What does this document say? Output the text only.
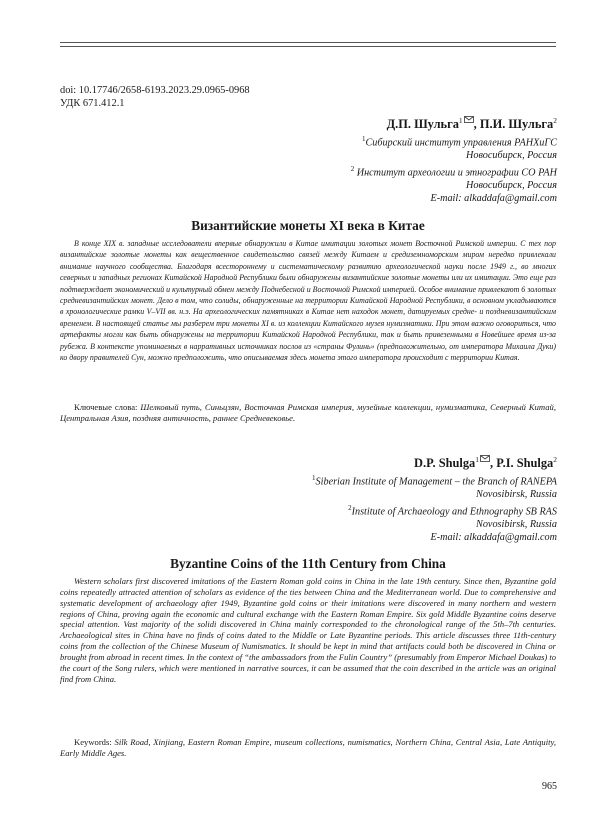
doi: 10.17746/2658-6193.2023.29.0965-0968
УДК 671.412.1
Д.П. Шульга$^1$ , П.И. Шульга$^2$
$^1$Сибирский институт управления РАНХиГС
Новосибирск, Россия
$^2$ Институт археологии и этнографии СО РАН
Новосибирск, Россия
E-mail: alkaddafa@gmail.com
Византийские монеты XI века в Китае

В конце XIX в. западные исследователи впервые обнаружили в Китае имитации золотых монет Восточной Римской империи. С тех пор византийские золотые монеты как вещественное свидетельство связей между Китаем и средиземноморским миром нередко привлекали внимание научного сообщества. Благодаря всестороннему и систематическому развитию археологической науки после 1949 г., во многих северных и западных регионах Китайской Народной Республики были обнаружены византийские золотые монеты или их имитации. Это еще раз подтверждает экономический и культурный обмен между Поднебесной и Восточной Римской империей. Особое внимание привлекают 6 золотых средневизантийских монет. Дело в том, что солиды, обнаруженные на территории Китайской Народной Республики, в основном укладываются в хронологические рамки V–VII вв. н.э. На археологических памятниках в Китае нет находок монет, датируемых средне- и поздневизантийским временем. В настоящей статье мы разберем три монеты XI в. из коллекции Китайского музея нумизматики. При этом важно оговориться, что артефакты могли как быть обнаружены на территории Китайской Народной Республики, так и быть привезенными в Новейшее время из-за рубежа. В контексте упоминаемых в нарративных источниках послов из «страны Фулинь» (предположительно, от императора Михаила Дуки) ко двору правителей Сун, можно предположить, что описываемая здесь монета этого императора происходит с территории Китая.

Ключевые слова: Шелковый путь, Синьцзян, Восточная Римская империя, музейные коллекции, нумизматика, Северный Китай, Центральная Азия, поздняя античность, раннее Средневековье.

D.P. Shulga$^1$ , P.I. Shulga$^2$
$^1$Siberian Institute of Management – the Branch of RANEPA
Novosibirsk, Russia
$^2$Institute of Archaeology and Ethnography SB RAS
Novosibirsk, Russia
E-mail: alkaddafa@gmail.com
Byzantine Coins of the 11th Century from China

Western scholars first discovered imitations of the Eastern Roman gold coins in China in the late 19th century. Since then, Byzantine gold coins repeatedly attracted attention of scholars as evidence of the ties between China and the Mediterranean world. Due to comprehensive and systematic development of archaeology after 1949, Byzantine gold coins or their imitations were discovered in many northern and western regions of China, proving again the economic and cultural exchange with the Eastern Roman Empire. Six gold Middle Byzantine coins deserve special attention. Vast majority of the solidi discovered in China mainly corresponded to the chronological range of the 5th–7th centuries. Archaeological sites in China have no finds of coins dated to the Middle or Late Byzantine periods. This article discusses three 11th-century coins from the collection of the Chinese Museum of Numismatics. It should be kept in mind that artifacts could both be discovered in China or brought from abroad in recent times. In the context of “the ambassadors from the Fulin Country” (presumably from Emperor Michael Doukas) to the court of the Song rulers, which were mentioned in narrative sources, it can be assumed that the coin described in the article was an original find from China.

Keywords: Silk Road, Xinjiang, Eastern Roman Empire, museum collections, numismatics, Northern China, Central Asia, Late Antiquity, Early Middle Ages.

965
